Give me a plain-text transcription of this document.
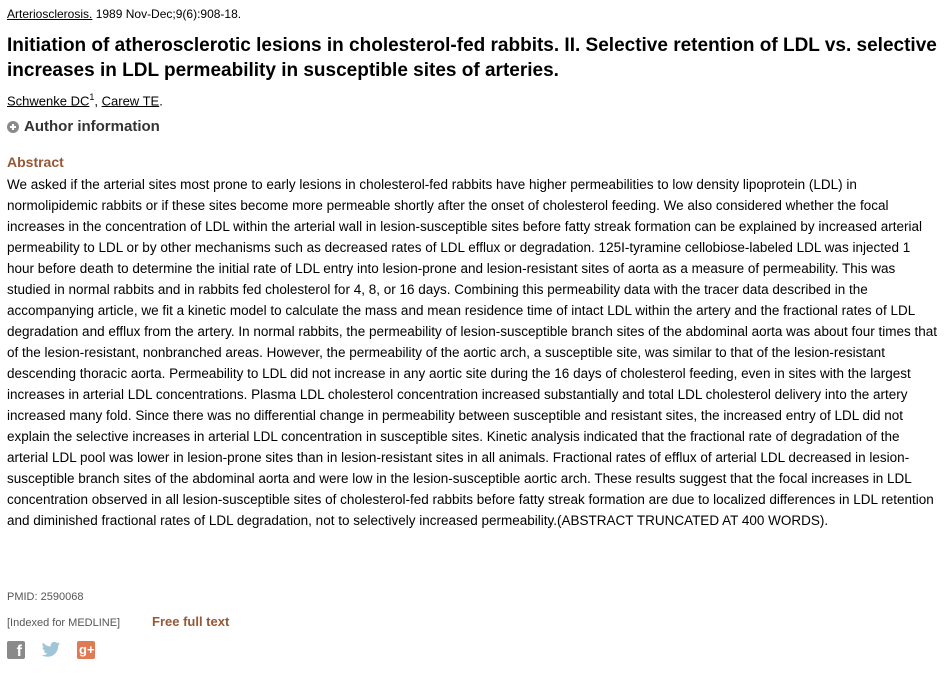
Arteriosclerosis. 1989 Nov-Dec;9(6):908-18.
Initiation of atherosclerotic lesions in cholesterol-fed rabbits. II. Selective retention of LDL vs. selective increases in LDL permeability in susceptible sites of arteries.
Schwenke $DC^1$, Carew TE.
Author information
Abstract

We asked if the arterial sites most prone to early lesions in cholesterol-fed rabbits have higher permeabilities to low density lipoprotein (LDL) in normolipidemic rabbits or if these sites become more permeable shortly after the onset of cholesterol feeding. We also considered whether the focal increases in the concentration of LDL within the arterial wall in lesion-susceptible sites before fatty streak formation can be explained by increased arterial permeability to LDL or by other mechanisms such as decreased rates of LDL efflux or degradation. 125I-tyramine cellobiose-labeled LDL was injected 1 hour before death to determine the initial rate of LDL entry into lesion-prone and lesion-resistant sites of aorta as a measure of permeability. This was studied in normal rabbits and in rabbits fed cholesterol for 4, 8, or 16 days. Combining this permeability data with the tracer data described in the accompanying article, we fit a kinetic model to calculate the mass and mean residence time of intact LDL within the artery and the fractional rates of LDL degradation and efflux from the artery. In normal rabbits, the permeability of lesion-susceptible branch sites of the abdominal aorta was about four times that of the lesion-resistant, nonbranched areas. However, the permeability of the aortic arch, a susceptible site, was similar to that of the lesion-resistant descending thoracic aorta. Permeability to LDL did not increase in any aortic site during the 16 days of cholesterol feeding, even in sites with the largest increases in arterial LDL concentrations. Plasma LDL cholesterol concentration increased substantially and total LDL cholesterol delivery into the artery increased many fold. Since there was no differential change in permeability between susceptible and resistant sites, the increased entry of LDL did not explain the selective increases in arterial LDL concentration in susceptible sites. Kinetic analysis indicated that the fractional rate of degradation of the arterial LDL pool was lower in lesion-prone sites than in lesion-resistant sites in all animals. Fractional rates of efflux of arterial LDL decreased in lesion-susceptible branch sites of the abdominal aorta and were low in the lesion-susceptible aortic arch. These results suggest that the focal increases in LDL concentration observed in all lesion-susceptible sites of cholesterol-fed rabbits before fatty streak formation are due to localized differences in LDL retention and diminished fractional rates of LDL degradation, not to selectively increased permeability.(ABSTRACT TRUNCATED AT 400 WORDS).

PMID: 2590068
[Indexed for MEDLINE] Free full text
f	g+
